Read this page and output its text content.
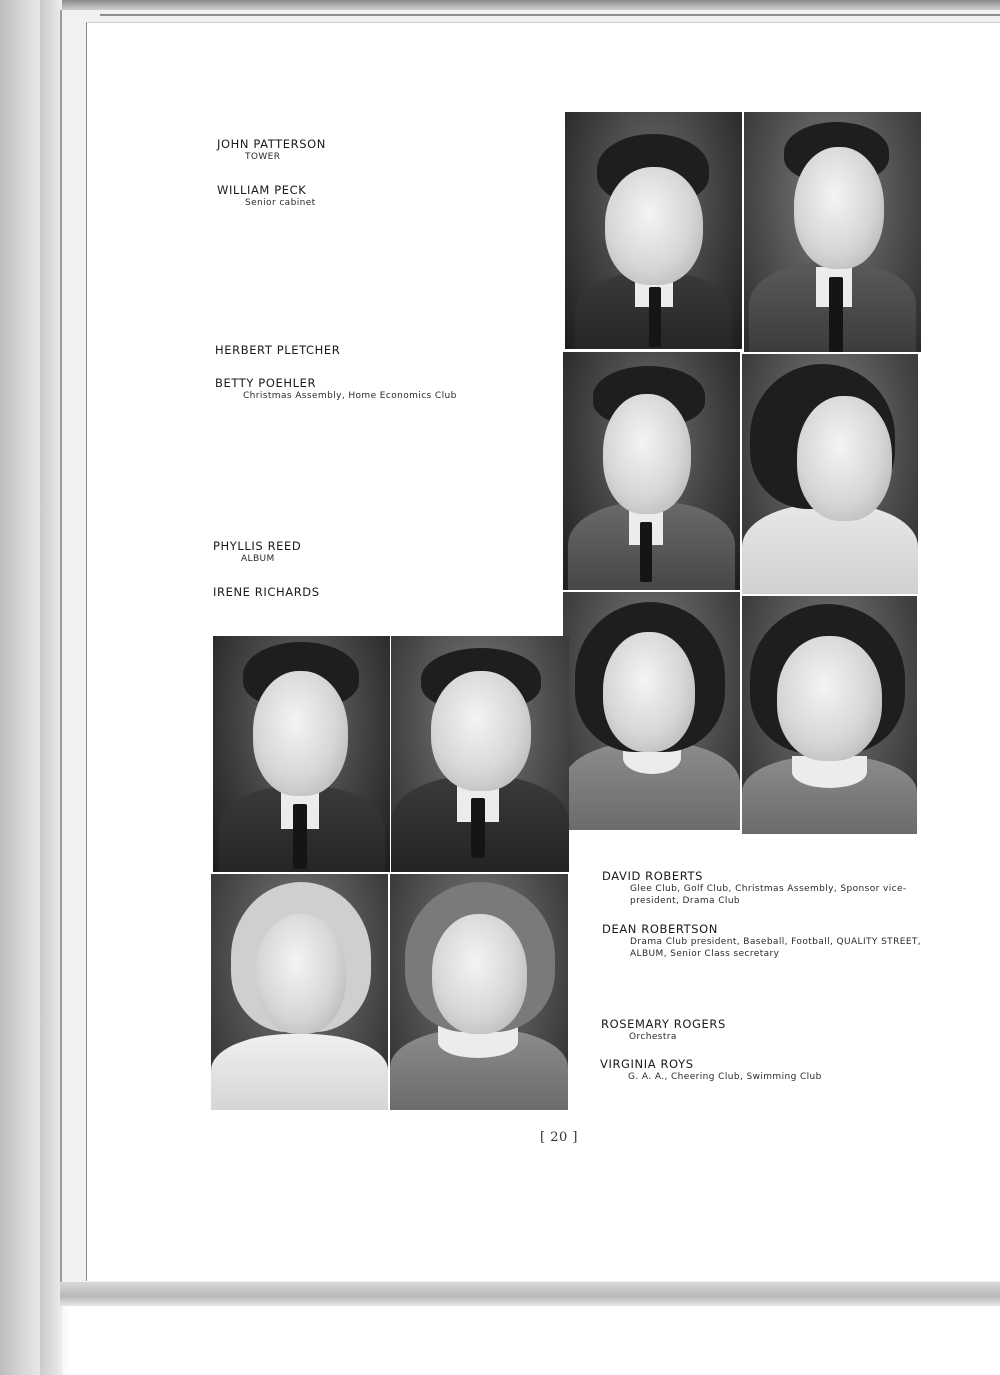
JOHN PATTERSON
TOWER
WILLIAM PECK
Senior cabinet
HERBERT PLETCHER
BETTY POEHLER
Christmas Assembly, Home Economics Club
PHYLLIS REED
ALBUM
IRENE RICHARDS
DAVID ROBERTS
Glee Club, Golf Club, Christmas Assembly, Sponsor vice-president, Drama Club
DEAN ROBERTSON
Drama Club president, Baseball, Football, QUALITY STREET, ALBUM, Senior Class secretary
ROSEMARY ROGERS
Orchestra
VIRGINIA ROYS
G. A. A., Cheering Club, Swimming Club
[ 20 ]
